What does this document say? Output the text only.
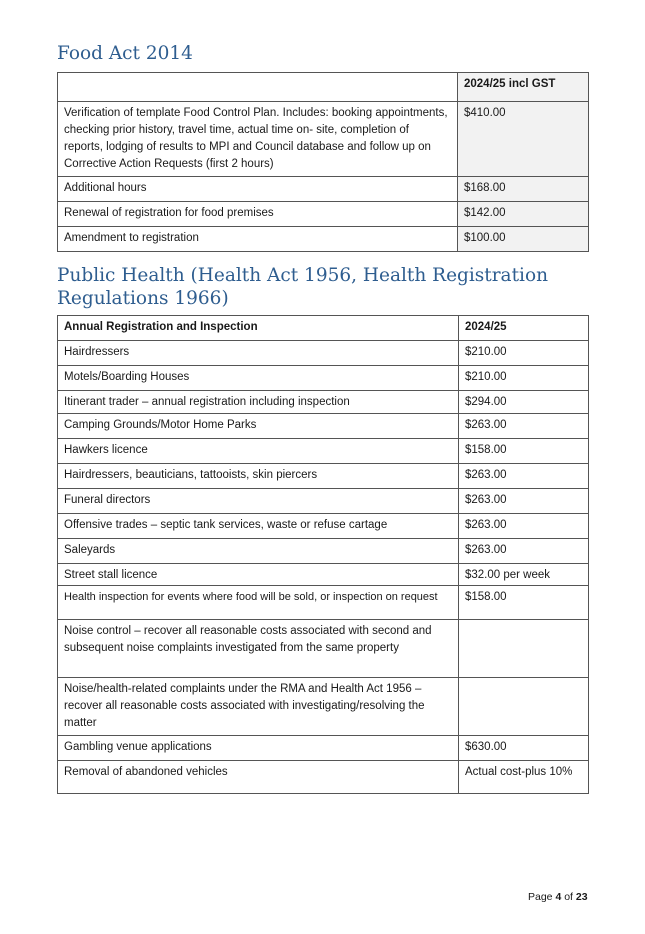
Food Act 2014
	2024/25 incl GST
Verification of template Food Control Plan. Includes: booking appointments, checking prior history, travel time, actual time on- site, completion of reports, lodging of results to MPI and Council database and follow up on Corrective Action Requests (first 2 hours)	$410.00
Additional hours	$168.00
Renewal of registration for food premises	$142.00
Amendment to registration	$100.00
Public Health (Health Act 1956, Health Registration Regulations 1966)
Annual Registration and Inspection	2024/25
Hairdressers	$210.00
Motels/Boarding Houses	$210.00
Itinerant trader – annual registration including inspection	$294.00
Camping Grounds/Motor Home Parks	$263.00
Hawkers licence	$158.00
Hairdressers, beauticians, tattooists, skin piercers	$263.00
Funeral directors	$263.00
Offensive trades – septic tank services, waste or refuse cartage	$263.00
Saleyards	$263.00
Street stall licence	$32.00 per week
Health inspection for events where food will be sold, or inspection on request	$158.00
Noise control – recover all reasonable costs associated with second and subsequent noise complaints investigated from the same property	
Noise/health-related complaints under the RMA and Health Act 1956 – recover all reasonable costs associated with investigating/resolving the matter	
Gambling venue applications	$630.00
Removal of abandoned vehicles	Actual cost-plus 10%
Page 4 of 23
